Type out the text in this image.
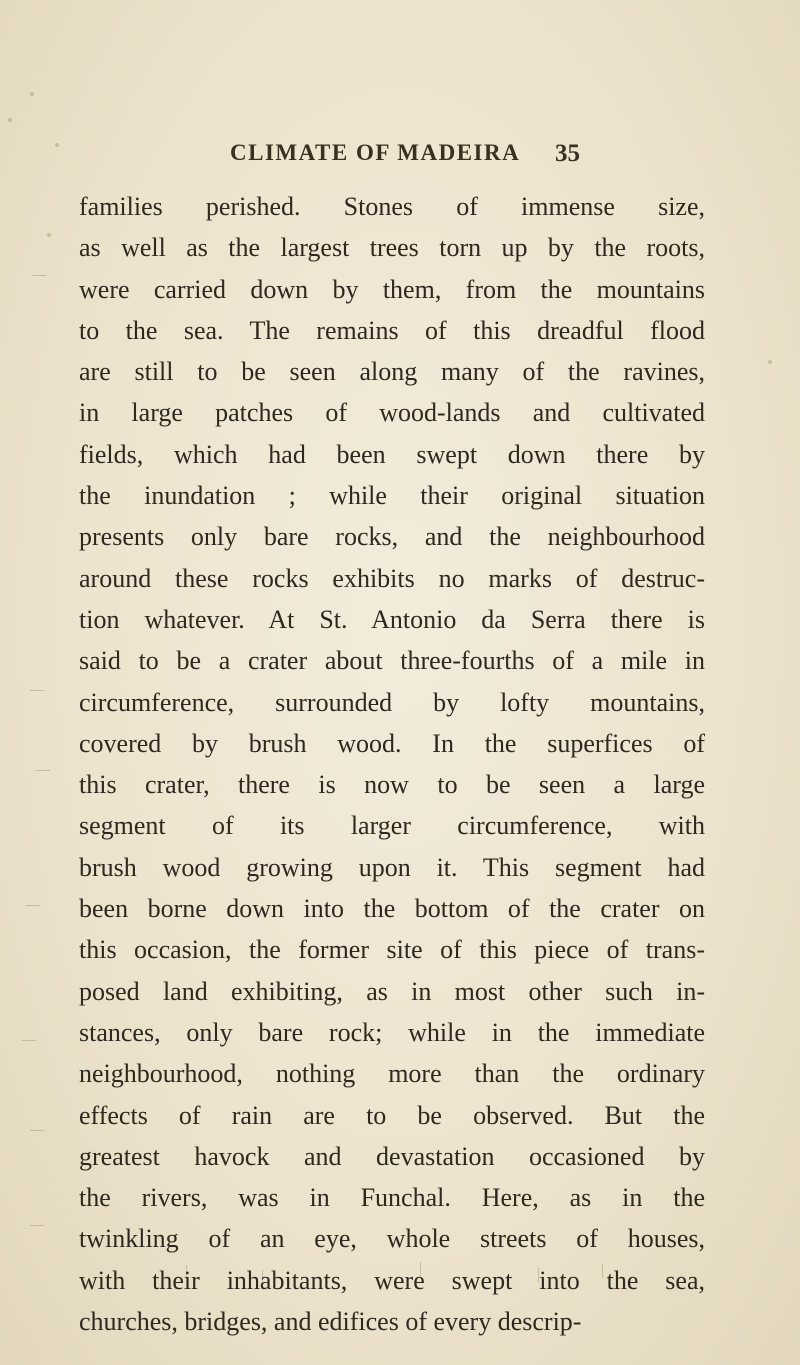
CLIMATE OF MADEIRA 35
families perished. Stones of immense size,
as well as the largest trees torn up by the roots,
were carried down by them, from the mountains
to the sea. The remains of this dreadful flood
are still to be seen along many of the ravines,
in large patches of wood-lands and cultivated
fields, which had been swept down there by
the inundation ; while their original situation
presents only bare rocks, and the neighbourhood
around these rocks exhibits no marks of destruc-
tion whatever. At St. Antonio da Serra there is
said to be a crater about three-fourths of a mile in
circumference, surrounded by lofty mountains,
covered by brush wood. In the superfices of
this crater, there is now to be seen a large
segment of its larger circumference, with
brush wood growing upon it. This segment had
been borne down into the bottom of the crater on
this occasion, the former site of this piece of trans-
posed land exhibiting, as in most other such in-
stances, only bare rock; while in the immediate
neighbourhood, nothing more than the ordinary
effects of rain are to be observed. But the
greatest havock and devastation occasioned by
the rivers, was in Funchal. Here, as in the
twinkling of an eye, whole streets of houses,
with their inhabitants, were swept into the sea,
churches, bridges, and edifices of every descrip-
